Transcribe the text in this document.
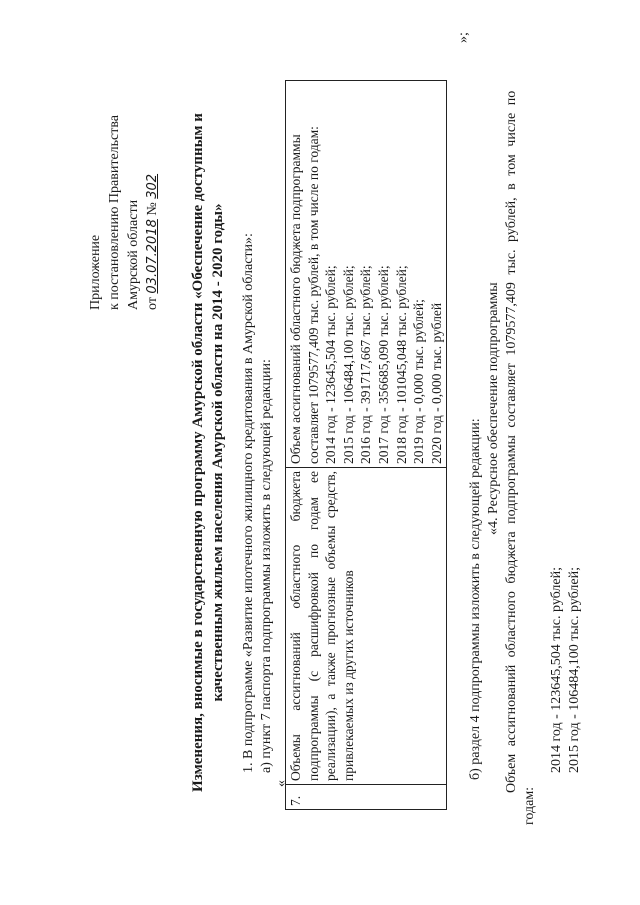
Приложение к постановлению Правительства Амурской области от 03.07.2018 № 302 Изменения, вносимые в государственную программу Амурской области «Обеспечение доступным и качественным жильем населения Амурской области на 2014 - 2020 годы» 1. В подпрограмме «Развитие ипотечного жилищного кредитования в Амурской области»: а) пункт 7 паспорта подпрограммы изложить в следующей редакции:
«
7.	Объемы ассигнований областного бюджета подпрограммы (с расшифровкой по годам ее реализации), а также прогнозные объемы средств, привлекаемых из других источников	
Объем ассигнований областного бюджета подпрограммы составляет 1079577,409 тыс. рублей, в том числе по годам: 2014 год - 123645,504 тыс. рублей; 2015 год - 106484,100 тыс. рублей; 2016 год - 391717,667 тыс. рублей; 2017 год - 356685,090 тыс. рублей; 2018 год - 101045,048 тыс. рублей; 2019 год - 0,000 тыс. рублей; 2020 год - 0,000 тыс. рублей
»;
б) раздел 4 подпрограммы изложить в следующей редакции:
«4. Ресурсное обеспечение подпрограммы Объем ассигнований областного бюджета подпрограммы составляет 1079577,409 тыс. рублей, в том числе по
годам:
2014 год - 123645,504 тыс. рублей; 2015 год - 106484,100 тыс. рублей;
